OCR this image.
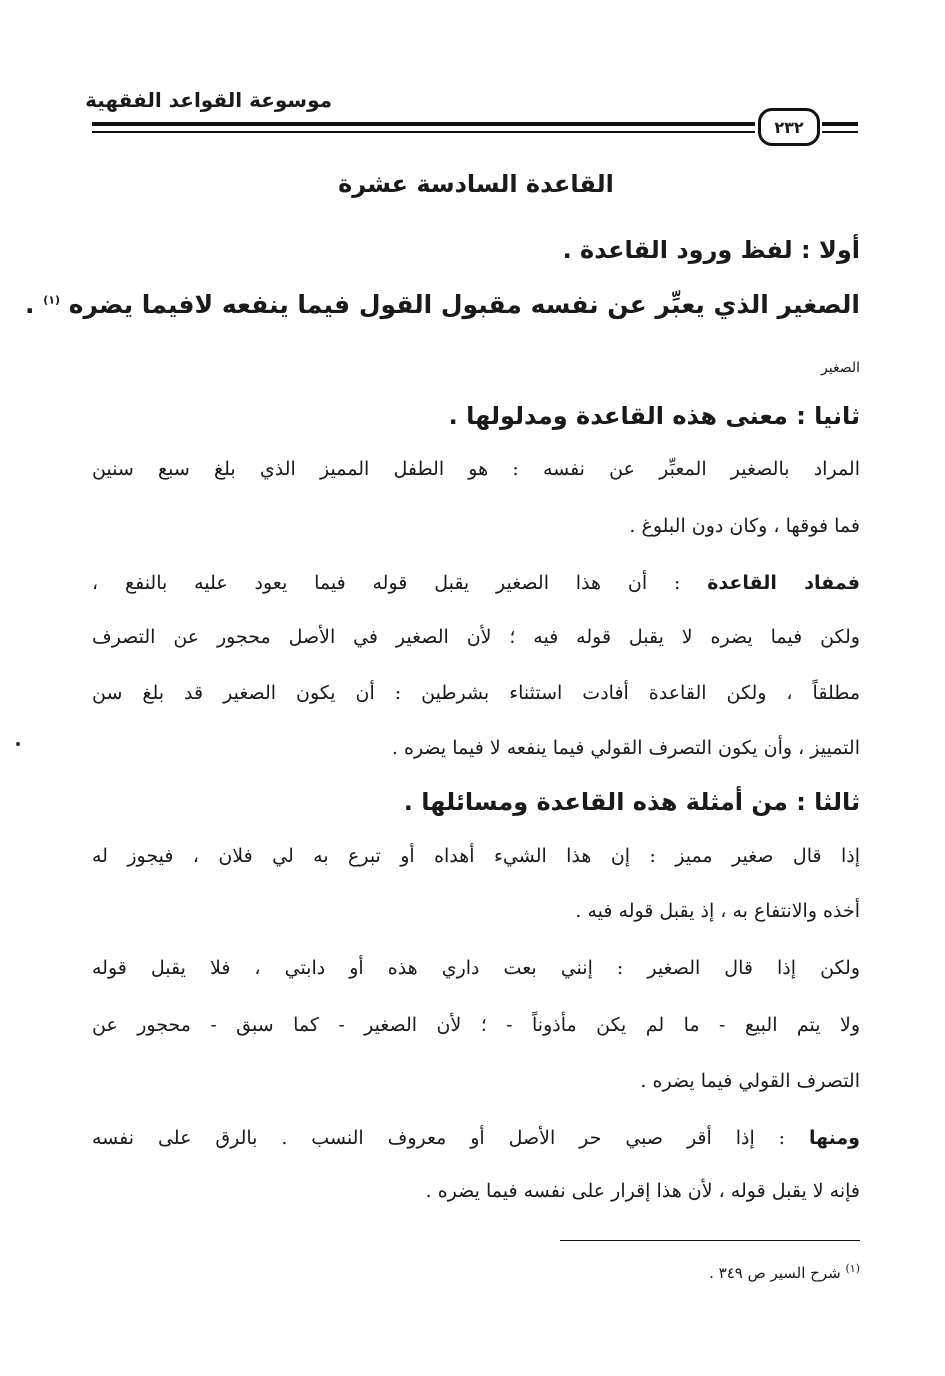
موسوعة القواعد الفقهية
٢٣٢
القاعدة السادسة عشرة
أولا : لفظ ورود القاعدة .
الصغير الذي يعبِّر عن نفسه مقبول القول فيما ينفعه لافيما يضره $^{(١)}$ .
الصغير
ثانيا : معنى هذه القاعدة ومدلولها .
المراد بالصغير المعبِّر عن نفسه : هو الطفل المميز الذي بلغ سبع سنين
فما فوقها ، وكان دون البلوغ .
فمفاد القاعدة : أن هذا الصغير يقبل قوله فيما يعود عليه بالنفع ،
ولكن فيما يضره لا يقبل قوله فيه ؛ لأن الصغير في الأصل محجور عن التصرف
مطلقاً ، ولكن القاعدة أفادت استثناء بشرطين : أن يكون الصغير قد بلغ سن
التمييز ، وأن يكون التصرف القولي فيما ينفعه لا فيما يضره .
ثالثا : من أمثلة هذه القاعدة ومسائلها .
إذا قال صغير مميز : إن هذا الشيء أهداه أو تبرع به لي فلان ، فيجوز له
أخذه والانتفاع به ، إذ يقبل قوله فيه .
ولكن إذا قال الصغير : إنني بعت داري هذه أو دابتي ، فلا يقبل قوله
ولا يتم البيع - ما لم يكن مأذوناً - ؛ لأن الصغير - كما سبق - محجور عن
التصرف القولي فيما يضره .
ومنها : إذا أقر صبي حر الأصل أو معروف النسب . بالرق على نفسه
فإنه لا يقبل قوله ، لأن هذا إقرار على نفسه فيما يضره .
$^{(١)}$ شرح السير ص ٣٤٩ .
